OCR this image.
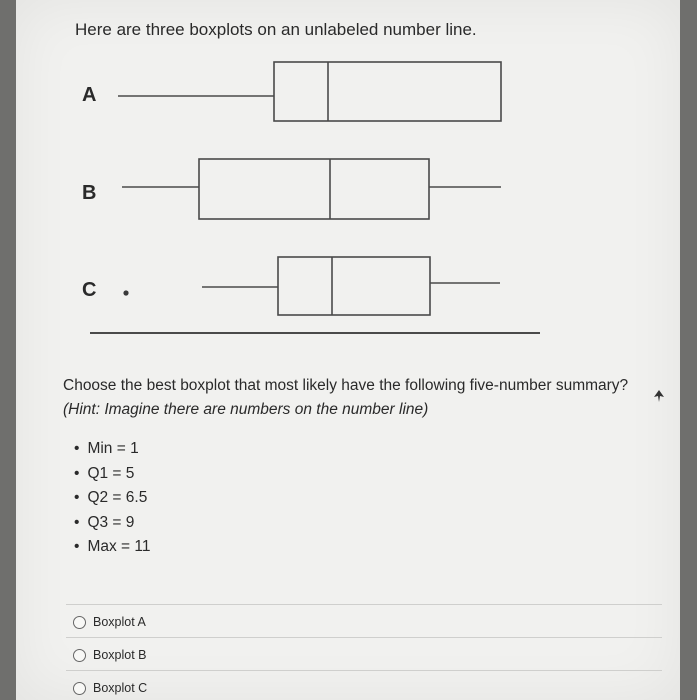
Here are three boxplots on an unlabeled number line.
A
B
C
Choose the best boxplot that most likely have the following five-number summary?
(Hint: Imagine there are numbers on the number line)
• Min = 1
• Q1 = 5
• Q2 = 6.5
• Q3 = 9
• Max = 11
Boxplot A
Boxplot B
Boxplot C
